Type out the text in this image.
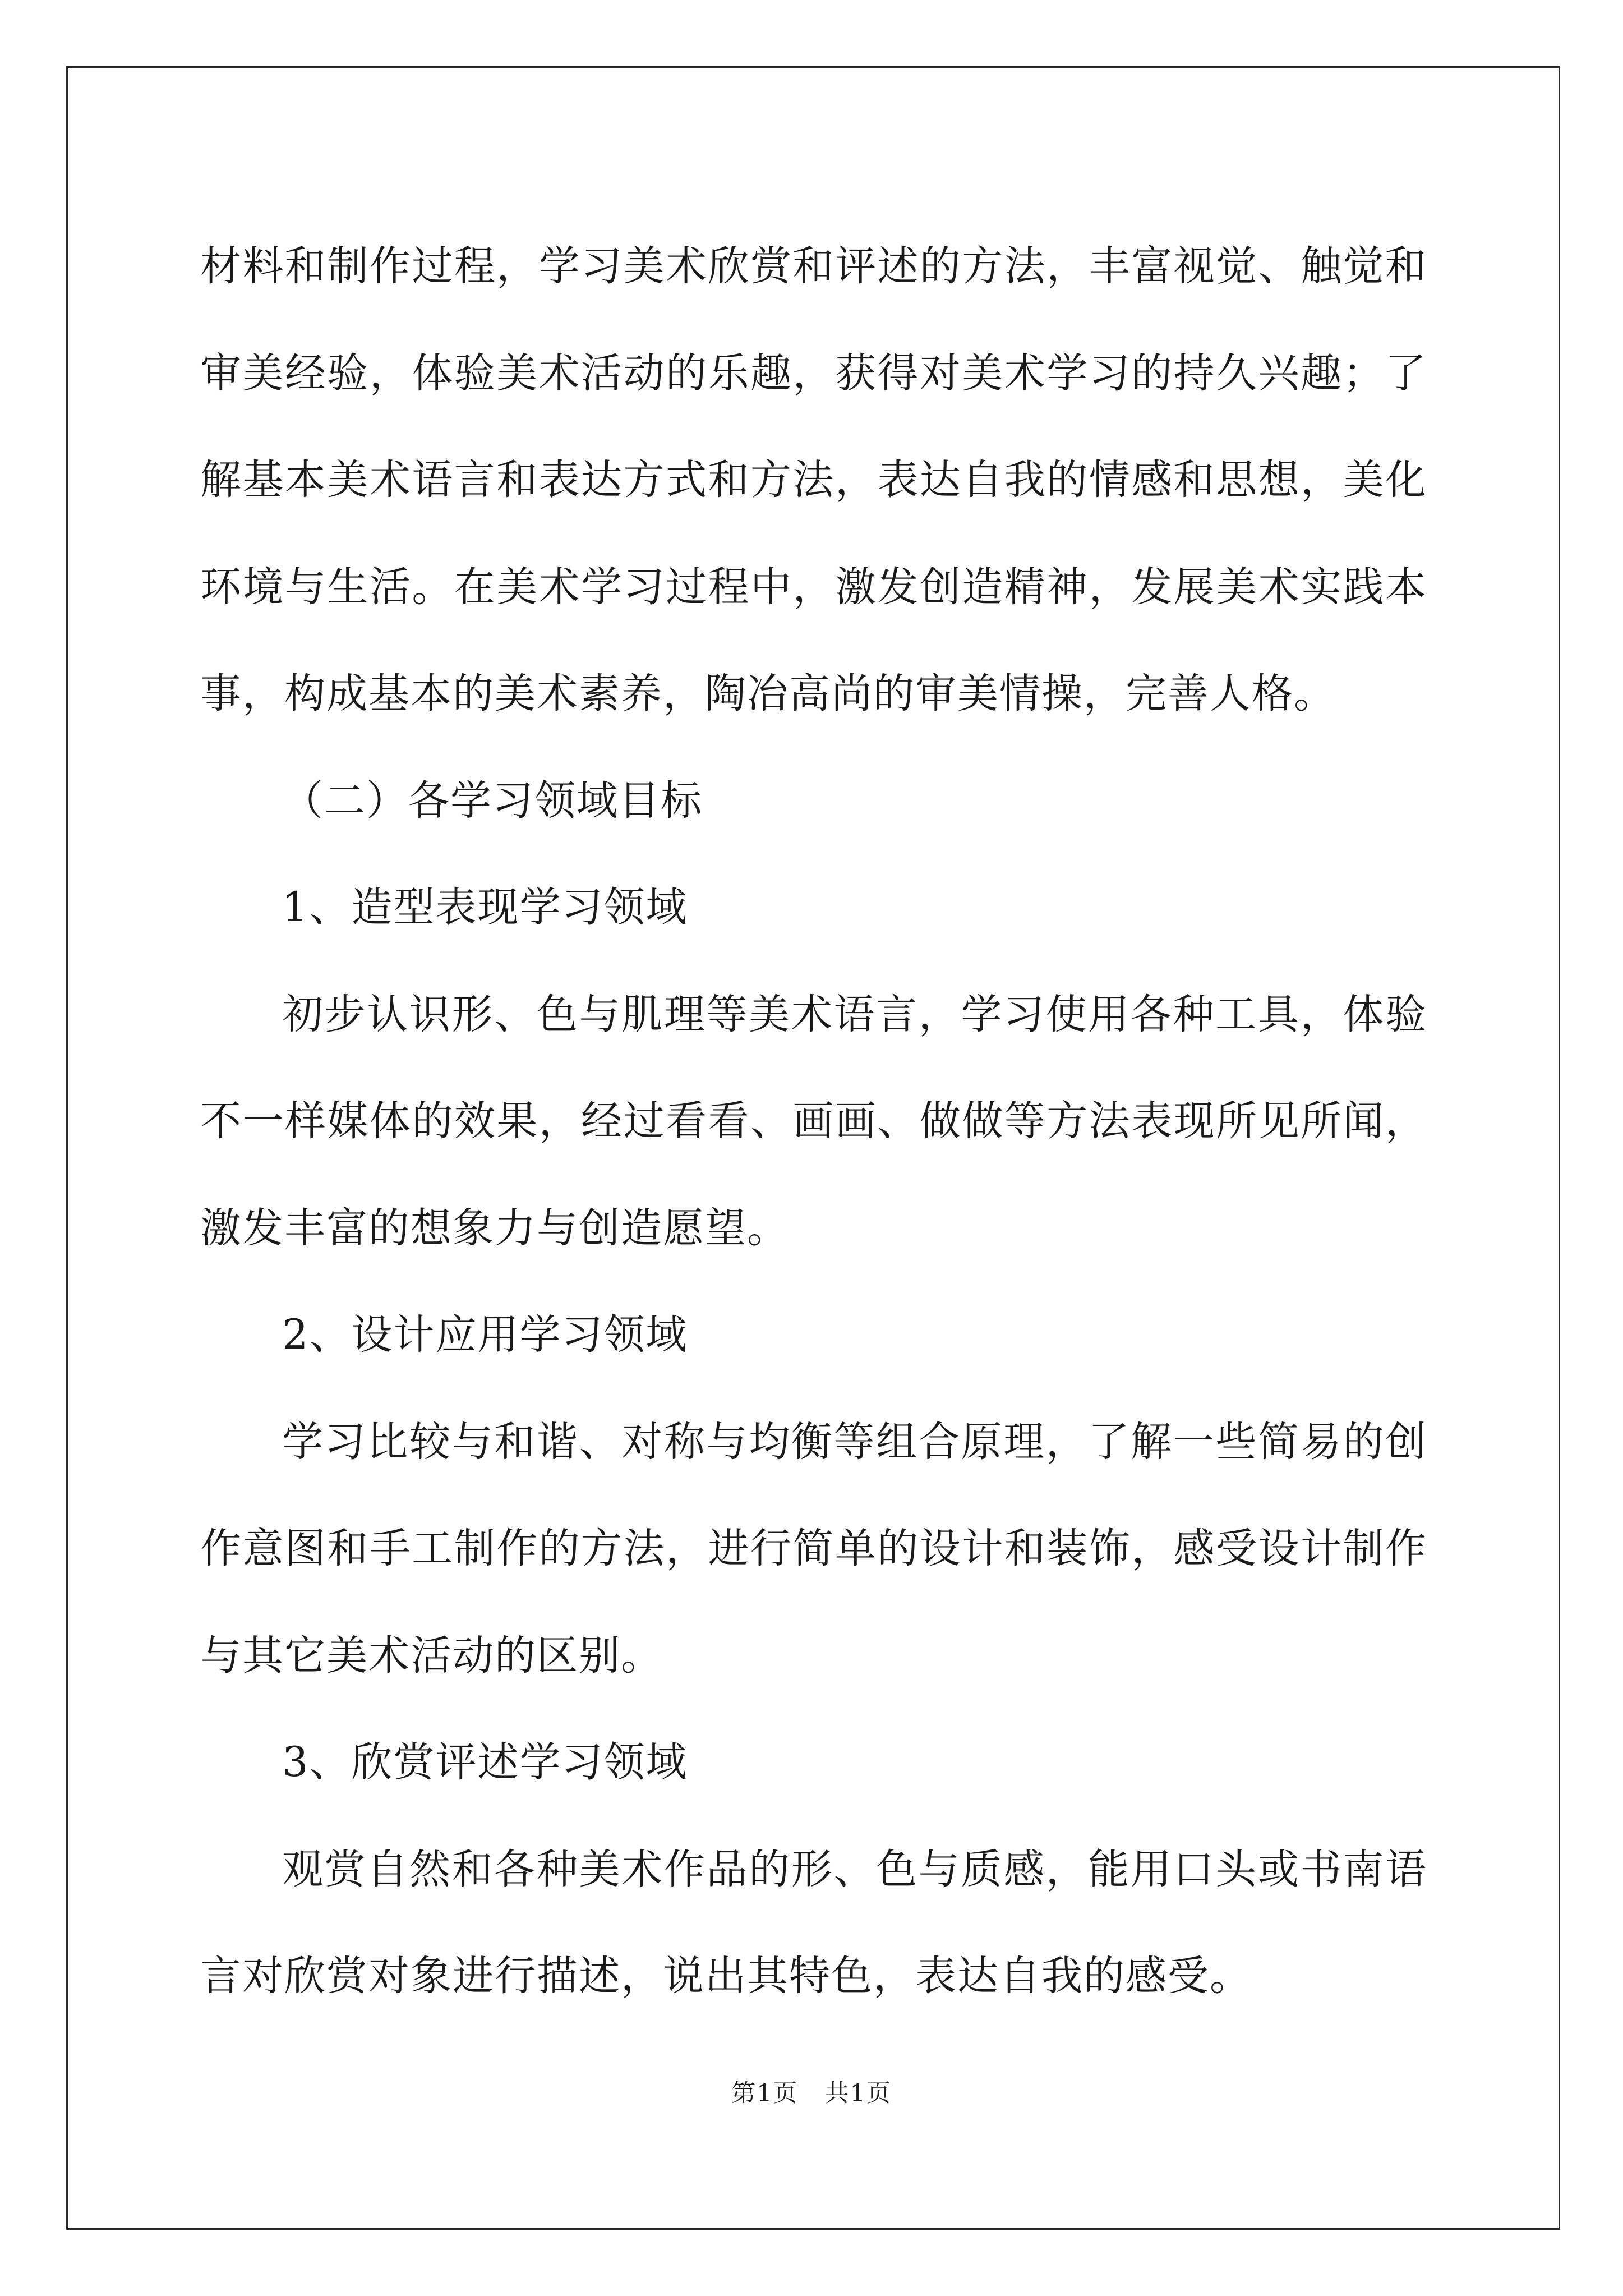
材料和制作过程，学习美术欣赏和评述的方法，丰富视觉、触觉和审美经验，体验美术活动的乐趣，获得对美术学习的持久兴趣；了解基本美术语言和表达方式和方法，表达自我的情感和思想，美化环境与生活。在美术学习过程中，激发创造精神，发展美术实践本事，构成基本的美术素养，陶冶高尚的审美情操，完善人格。

（二）各学习领域目标

1、造型表现学习领域

初步认识形、色与肌理等美术语言，学习使用各种工具，体验不一样媒体的效果，经过看看、画画、做做等方法表现所见所闻，激发丰富的想象力与创造愿望。

2、设计应用学习领域

学习比较与和谐、对称与均衡等组合原理，了解一些简易的创作意图和手工制作的方法，进行简单的设计和装饰，感受设计制作与其它美术活动的区别。

3、欣赏评述学习领域

观赏自然和各种美术作品的形、色与质感，能用口头或书南语言对欣赏对象进行描述，说出其特色，表达自我的感受。

第1页 共1页
